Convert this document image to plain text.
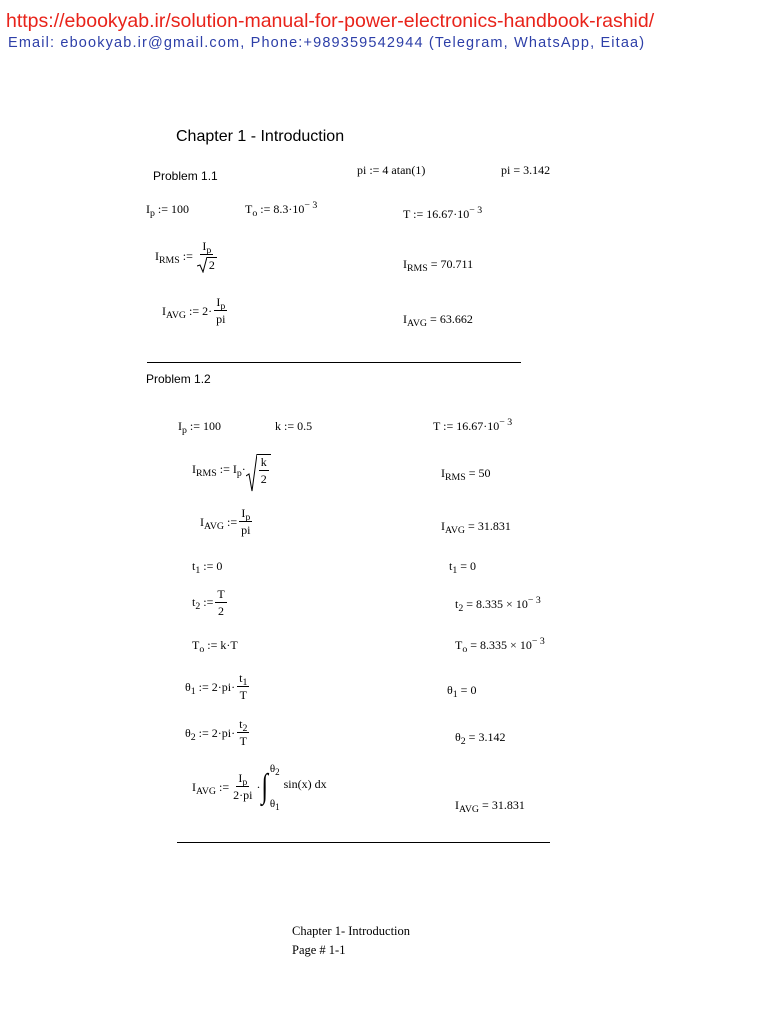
https://ebookyab.ir/solution-manual-for-power-electronics-handbook-rashid/
Email: ebookyab.ir@gmail.com, Phone:+989359542944 (Telegram, WhatsApp, Eitaa)
Chapter 1 - Introduction
Problem 1.1	pi := 4 atan(1)	pi = 3.142
$I_p$ := 100	$T_o$ := $8.3\cdot 10^{- 3}$
T := $16.67\cdot 10^{- 3}$
$I_{RMS}$ := $\frac{I_p}{2}$	$I_{RMS} = 70.711$
$I_{AVG}$ := $2\cdot \frac{I_p}{pi}$	$I_{AVG} = 63.662$
Problem 1.2
$I_p$ := 100	k := 0.5	T := $16.67\cdot 10^{- 3}$
$I_{RMS}$ := $I_p\cdot \frac{k}{2}$	$I_{RMS} = 50$
$I_{AVG}$ := $\frac{I_p}{pi}$	$I_{AVG} = 31.831$
$t_1$ := 0	$t_1 = 0$
$t_2$ := $\frac{T}{2}$	$t_2 = 8.335 \times 10^{- 3}$
$T_o$ := k·T	$T_o = 8.335 \times 10^{- 3}$
$\theta_1$ := $2\cdot pi\cdot \frac{t_1}{T}$	$\theta_1 = 0$
$\theta_2$ := $2\cdot pi\cdot \frac{t_2}{T}$	$\theta_2 = 3.142$
$I_{AVG}$ := $\frac{I_p}{2\cdot pi}$ · ∫ $\theta_2$
$\theta_1$
sin(x) dx
$I_{AVG} = 31.831$
Chapter 1- Introduction
Page # 1-1
